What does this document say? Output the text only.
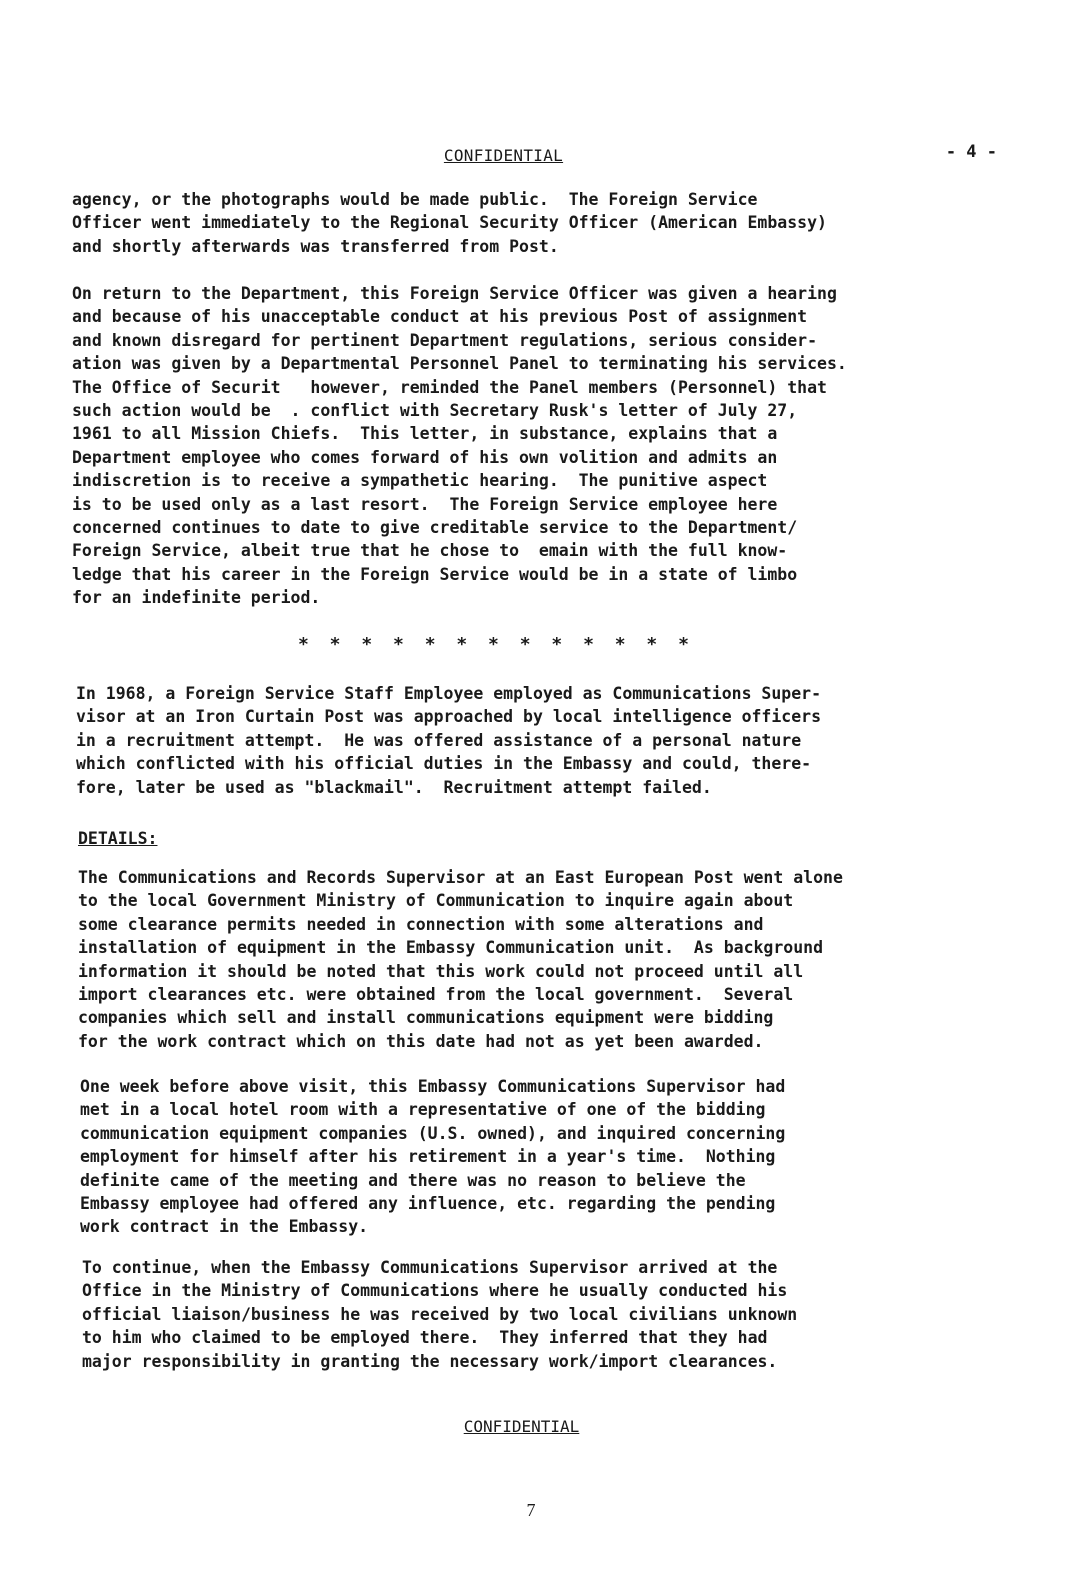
CONFIDENTIAL	- 4 -
agency, or the photographs would be made public.  The Foreign Service
Officer went immediately to the Regional Security Officer (American Embassy)
and shortly afterwards was transferred from Post.
On return to the Department, this Foreign Service Officer was given a hearing
and because of his unacceptable conduct at his previous Post of assignment
and known disregard for pertinent Department regulations, serious consider-
ation was given by a Departmental Personnel Panel to terminating his services.
The Office of Securit   however, reminded the Panel members (Personnel) that
such action would be  . conflict with Secretary Rusk's letter of July 27,
1961 to all Mission Chiefs.  This letter, in substance, explains that a
Department employee who comes forward of his own volition and admits an
indiscretion is to receive a sympathetic hearing.  The punitive aspect
is to be used only as a last resort.  The Foreign Service employee here
concerned continues to date to give creditable service to the Department/
Foreign Service, albeit true that he chose to  emain with the full know-
ledge that his career in the Foreign Service would be in a state of limbo
for an indefinite period.
* * * * * * * * * * * * *
In 1968, a Foreign Service Staff Employee employed as Communications Super-
visor at an Iron Curtain Post was approached by local intelligence officers
in a recruitment attempt.  He was offered assistance of a personal nature
which conflicted with his official duties in the Embassy and could, there-
fore, later be used as "blackmail".  Recruitment attempt failed.
DETAILS:
The Communications and Records Supervisor at an East European Post went alone
to the local Government Ministry of Communication to inquire again about
some clearance permits needed in connection with some alterations and
installation of equipment in the Embassy Communication unit.  As background
information it should be noted that this work could not proceed until all
import clearances etc. were obtained from the local government.  Several
companies which sell and install communications equipment were bidding
for the work contract which on this date had not as yet been awarded.
One week before above visit, this Embassy Communications Supervisor had
met in a local hotel room with a representative of one of the bidding
communication equipment companies (U.S. owned), and inquired concerning
employment for himself after his retirement in a year's time.  Nothing
definite came of the meeting and there was no reason to believe the
Embassy employee had offered any influence, etc. regarding the pending
work contract in the Embassy.
To continue, when the Embassy Communications Supervisor arrived at the
Office in the Ministry of Communications where he usually conducted his
official liaison/business he was received by two local civilians unknown
to him who claimed to be employed there.  They inferred that they had
major responsibility in granting the necessary work/import clearances.
CONFIDENTIAL
7
